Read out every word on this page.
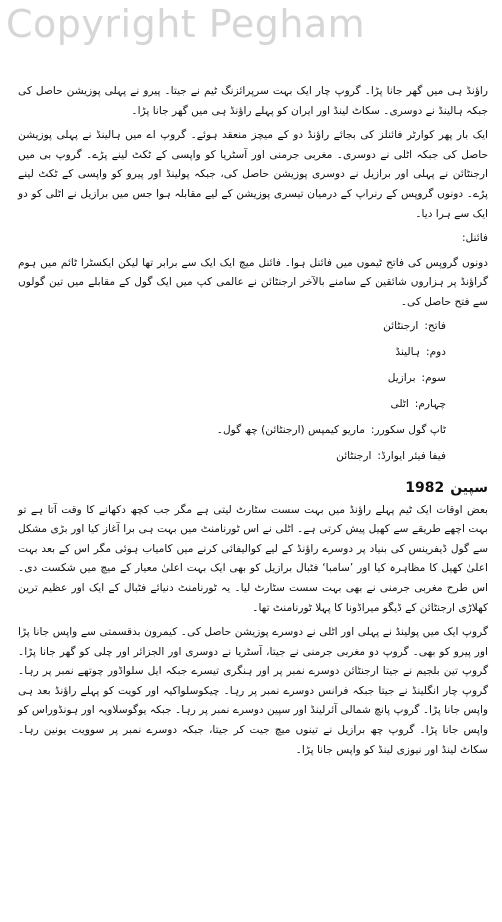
Copyright Pegham

راؤنڈ ہی میں گھر جانا پڑا۔ گروپ چار ایک بہت سرپرائزنگ ٹیم نے جیتا۔ پیرو نے پہلی پوزیشن حاصل کی جبکہ ہالینڈ نے دوسری۔ سکاٹ لینڈ اور ایران کو پہلے راؤنڈ ہی میں گھر جانا پڑا۔

ایک بار پھر کوارٹر فائنلز کی بجائے راؤنڈ دو کے میچز منعقد ہوئے۔ گروپ اے میں ہالینڈ نے پہلی پوزیشن حاصل کی جبکہ اٹلی نے دوسری۔ مغربی جرمنی اور آسٹریا کو واپسی کے ٹکٹ لینے پڑے۔ گروپ بی میں ارجنٹائن نے پہلی اور برازیل نے دوسری پوزیشن حاصل کی، جبکہ پولینڈ اور پیرو کو واپسی کے ٹکٹ لینے پڑے۔ دونوں گروپس کے رنراپ کے درمیان تیسری پوزیشن کے لیے مقابلہ ہوا جس میں برازیل نے اٹلی کو دو ایک سے ہرا دیا۔

فائنل:

دونوں گروپس کی فاتح ٹیموں میں فائنل ہوا۔ فائنل میچ ایک ایک سے برابر تھا لیکن ایکسٹرا ٹائم میں ہوم گراؤنڈ پر ہزاروں شائقین کے سامنے بالآخر ارجنٹائن نے عالمی کپ میں ایک گول کے مقابلے میں تین گولوں سے فتح حاصل کی۔

فاتح:ارجنٹائن
دوم:ہالینڈ
سوم:برازیل
چہارم:اٹلی
ٹاپ گول سکورر:ماریو کیمپس (ارجنٹائن) چھ گول۔
فیفا فیئر ایوارڈ:ارجنٹائن
سپین1982

بعض اوقات ایک ٹیم پہلے راؤنڈ میں بہت سست سٹارٹ لیتی ہے مگر جب کچھ دکھانے کا وقت آتا ہے تو بہت اچھے طریقے سے کھیل پیش کرتی ہے۔ اٹلی نے اس ٹورنامنٹ میں بہت ہی برا آغاز کیا اور بڑی مشکل سے گول ڈیفرینس کی بنیاد پر دوسرے راؤنڈ کے لیے کوالیفائی کرنے میں کامیاب ہوئی مگر اس کے بعد بہت اعلیٰ کھیل کا مظاہرہ کیا اور ’سامبا‘ فٹبال برازیل کو بھی ایک بہت اعلیٰ معیار کے میچ میں شکست دی۔ اس طرح مغربی جرمنی نے بھی بہت سست سٹارٹ لیا۔ یہ ٹورنامنٹ دنیائے فٹبال کے ایک اور عظیم ترین کھلاڑی ارجنٹائن کے ڈیگو میراڈونا کا پہلا ٹورنامنٹ تھا۔

گروپ ایک میں پولینڈ نے پہلی اور اٹلی نے دوسرے پوزیشن حاصل کی۔ کیمرون بدقسمتی سے واپس جانا پڑا اور پیرو کو بھی۔ گروپ دو مغربی جرمنی نے جیتا، آسٹریا نے دوسری اور الجزائر اور چلی کو گھر جانا پڑا۔ گروپ تین بلجیم نے جیتا ارجنٹائن دوسرے نمبر پر اور ہنگری تیسرے جبکہ ایل سلواڈور چوتھے نمبر پر رہا۔ گروپ چار انگلینڈ نے جیتا جبکہ فرانس دوسرے نمبر پر رہا۔ چیکوسلواکیہ اور کویت کو پہلے راؤنڈ بعد ہی واپس جانا پڑا۔ گروپ پانچ شمالی آئرلینڈ اور سپین دوسرے نمبر پر رہا۔ جبکہ یوگوسلاویہ اور ہونڈوراس کو واپس جانا پڑا۔ گروپ چھ برازیل نے تینوں میچ جیت کر جیتا، جبکہ دوسرے نمبر پر سوویت یونین رہا۔ سکاٹ لینڈ اور نیوزی لینڈ کو واپس جانا پڑا۔
